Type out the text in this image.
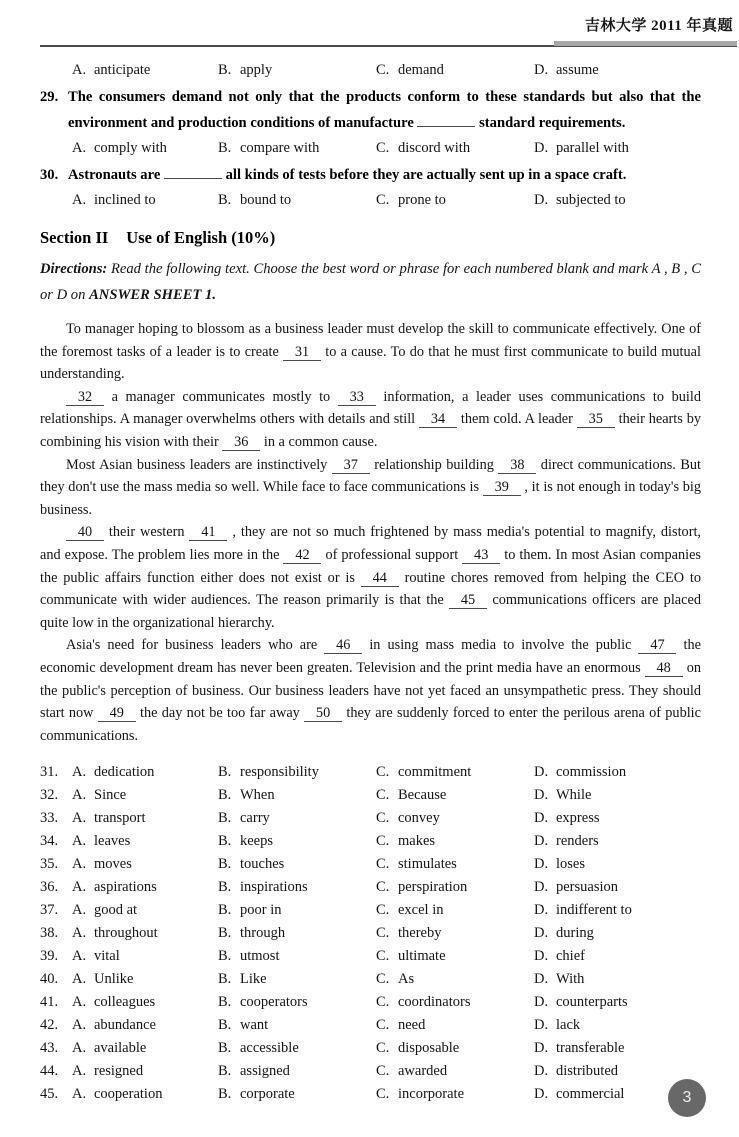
吉林大学 2011 年真题
A. anticipate	B. apply	C. demand	D. assume
29. The consumers demand not only that the products conform to these standards but also that the environment and production conditions of manufacture	standard requirements.
A. comply with	B. compare with	C. discord with	D. parallel with
30. Astronauts are	all kinds of tests before they are actually sent up in a space craft.
A. inclined to	B. bound to	C. prone to	D. subjected to
Section II Use of English (10%)

Directions: Read the following text. Choose the best word or phrase for each numbered blank and mark A , B , C or D on ANSWER SHEET 1.

To manager hoping to blossom as a business leader must develop the skill to communicate effectively. One of the foremost tasks of a leader is to create 31 to a cause. To do that he must first communicate to build mutual understanding.

32 a manager communicates mostly to 33 information, a leader uses communications to build relationships. A manager overwhelms others with details and still 34 them cold. A leader 35 their hearts by combining his vision with their 36 in a common cause.

Most Asian business leaders are instinctively 37 relationship building 38 direct communications. But they don't use the mass media so well. While face to face communications is 39 , it is not enough in today's big business.

40 their western 41 , they are not so much frightened by mass media's potential to magnify, distort, and expose. The problem lies more in the 42 of professional support 43 to them. In most Asian companies the public affairs function either does not exist or is 44 routine chores removed from helping the CEO to communicate with wider audiences. The reason primarily is that the 45 communications officers are placed quite low in the organizational hierarchy.

Asia's need for business leaders who are 46 in using mass media to involve the public 47 the economic development dream has never been greaten. Television and the print media have an enormous 48 on the public's perception of business. Our business leaders have not yet faced an unsympathetic press. They should start now 49 the day not be too far away 50 they are suddenly forced to enter the perilous arena of public communications.

31. A. dedication	B. responsibility	C. commitment	D. commission
32. A. Since	B. When	C. Because	D. While
33. A. transport	B. carry	C. convey	D. express
34. A. leaves	B. keeps	C. makes	D. renders
35. A. moves	B. touches	C. stimulates	D. loses
36. A. aspirations	B. inspirations	C. perspiration	D. persuasion
37. A. good at	B. poor in	C. excel in	D. indifferent to
38. A. throughout	B. through	C. thereby	D. during
39. A. vital	B. utmost	C. ultimate	D. chief
40. A. Unlike	B. Like	C. As	D. With
41. A. colleagues	B. cooperators	C. coordinators	D. counterparts
42. A. abundance	B. want	C. need	D. lack
43. A. available	B. accessible	C. disposable	D. transferable
44. A. resigned	B. assigned	C. awarded	D. distributed
45. A. cooperation	B. corporate	C. incorporate	D. commercial	3
